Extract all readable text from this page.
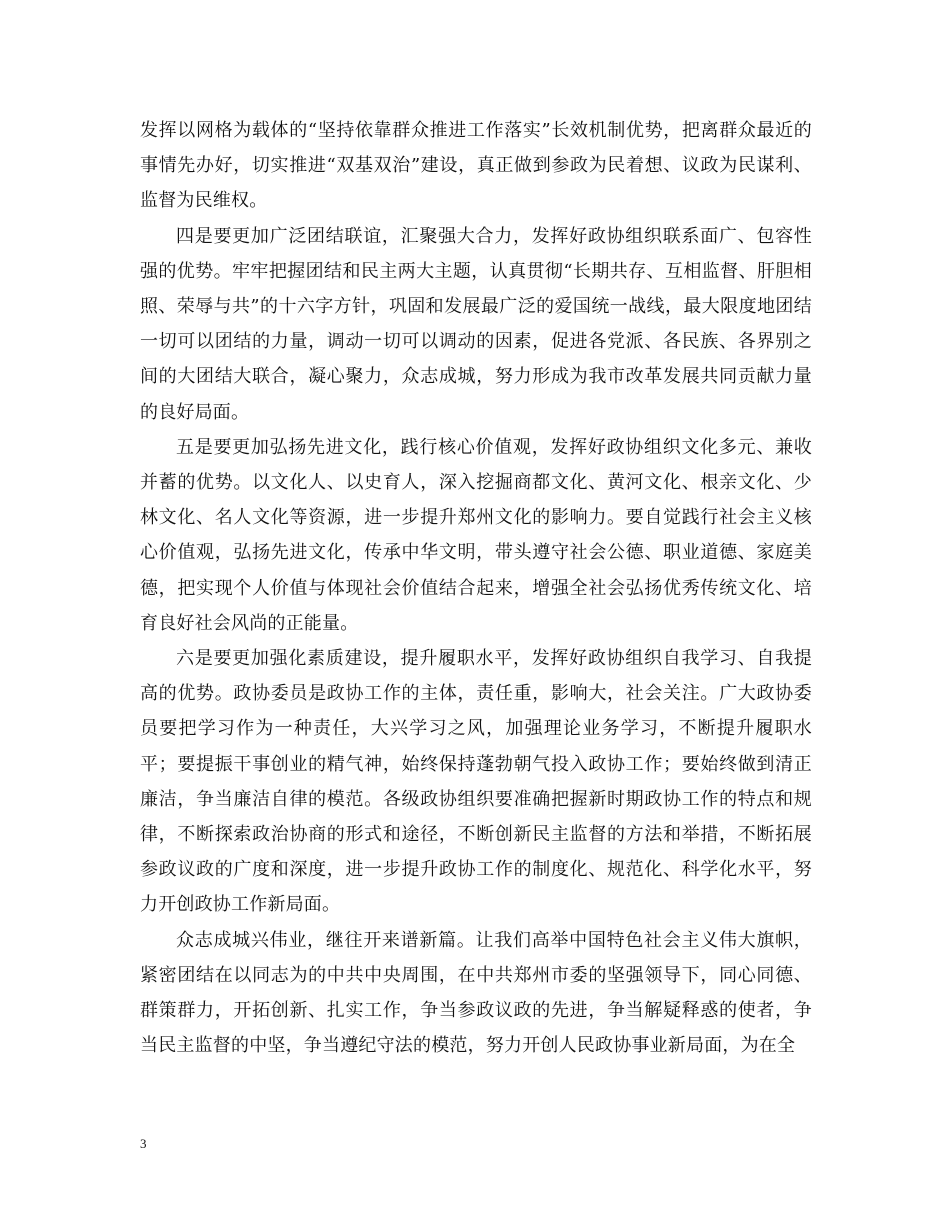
发挥以网格为载体的“坚持依靠群众推进工作落实”长效机制优势，把离群众最近的事情先办好，切实推进“双基双治”建设，真正做到参政为民着想、议政为民谋利、监督为民维权。

四是要更加广泛团结联谊，汇聚强大合力，发挥好政协组织联系面广、包容性强的优势。牢牢把握团结和民主两大主题，认真贯彻“长期共存、互相监督、肝胆相照、荣辱与共”的十六字方针，巩固和发展最广泛的爱国统一战线，最大限度地团结一切可以团结的力量，调动一切可以调动的因素，促进各党派、各民族、各界别之间的大团结大联合，凝心聚力，众志成城，努力形成为我市改革发展共同贡献力量的良好局面。

五是要更加弘扬先进文化，践行核心价值观，发挥好政协组织文化多元、兼收并蓄的优势。以文化人、以史育人，深入挖掘商都文化、黄河文化、根亲文化、少林文化、名人文化等资源，进一步提升郑州文化的影响力。要自觉践行社会主义核心价值观，弘扬先进文化，传承中华文明，带头遵守社会公德、职业道德、家庭美德，把实现个人价值与体现社会价值结合起来，增强全社会弘扬优秀传统文化、培育良好社会风尚的正能量。

六是要更加强化素质建设，提升履职水平，发挥好政协组织自我学习、自我提高的优势。政协委员是政协工作的主体，责任重，影响大，社会关注。广大政协委员要把学习作为一种责任，大兴学习之风，加强理论业务学习，不断提升履职水平；要提振干事创业的精气神，始终保持蓬勃朝气投入政协工作；要始终做到清正廉洁，争当廉洁自律的模范。各级政协组织要准确把握新时期政协工作的特点和规律，不断探索政治协商的形式和途径，不断创新民主监督的方法和举措，不断拓展参政议政的广度和深度，进一步提升政协工作的制度化、规范化、科学化水平，努力开创政协工作新局面。

众志成城兴伟业，继往开来谱新篇。让我们高举中国特色社会主义伟大旗帜，紧密团结在以同志为的中共中央周围，在中共郑州市委的坚强领导下，同心同德、群策群力，开拓创新、扎实工作，争当参政议政的先进，争当解疑释惑的使者，争当民主监督的中坚，争当遵纪守法的模范，努力开创人民政协事业新局面，为在全

3
